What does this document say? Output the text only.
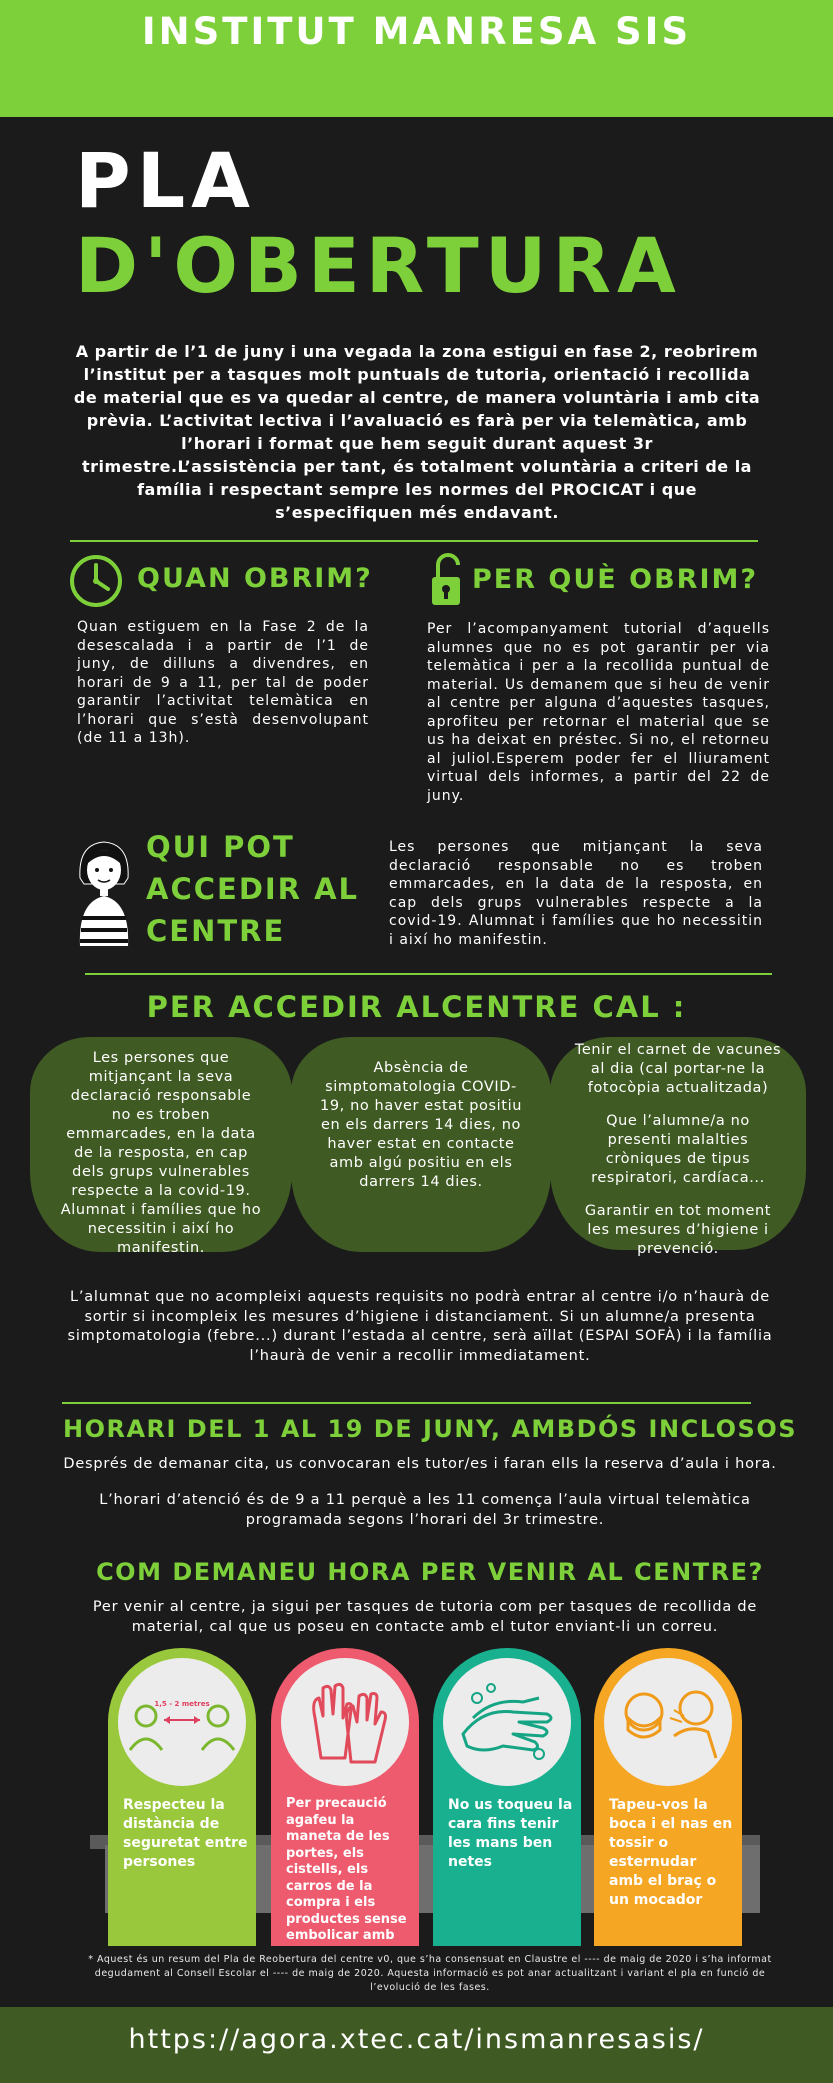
INSTITUT MANRESA SIS
PLA
D'OBERTURA
A partir de l’1 de juny i una vegada la zona estigui en fase 2, reobrirem l’institut per a tasques molt puntuals de tutoria, orientació i recollida de material que es va quedar al centre, de manera voluntària i amb cita prèvia. L’activitat lectiva i l’avaluació es farà per via telemàtica, amb l’horari i format que hem seguit durant aquest 3r trimestre.L’assistència per tant, és totalment voluntària a criteri de la família i respectant sempre les normes del PROCICAT i que s’especifiquen més endavant.
QUAN OBRIM?
Quan estiguem en la Fase 2 de la desescalada i a partir de l’1 de juny, de dilluns a divendres, en horari de 9 a 11, per tal de poder garantir l’activitat telemàtica en l’horari que s’està desenvolupant (de 11 a 13h).
PER QUÈ OBRIM?
Per l’acompanyament tutorial d’aquells alumnes que no es pot garantir per via telemàtica i per a la recollida puntual de material. Us demanem que si heu de venir al centre per alguna d’aquestes tasques, aprofiteu per retornar el material que se us ha deixat en préstec. Si no, el retorneu al juliol.Esperem poder fer el lliurament virtual dels informes, a partir del 22 de juny.
QUI POT
ACCEDIR AL
CENTRE
Les persones que mitjançant la seva declaració responsable no es troben emmarcades, en la data de la resposta, en cap dels grups vulnerables respecte a la covid-19. Alumnat i famílies que ho necessitin i així ho manifestin.
PER ACCEDIR ALCENTRE CAL :
Les persones que mitjançant la seva declaració responsable no es troben emmarcades, en la data de la resposta, en cap dels grups vulnerables respecte a la covid-19. Alumnat i famílies que ho necessitin i així ho manifestin.
Absència de simptomatologia COVID-19, no haver estat positiu en els darrers 14 dies, no haver estat en contacte amb algú positiu en els darrers 14 dies.
Tenir el carnet de vacunes al dia (cal portar-ne la fotocòpia actualitzada)
Que l’alumne/a no presenti malalties cròniques de tipus respiratori, cardíaca...
Garantir en tot moment les mesures d’higiene i prevenció.
L’alumnat que no acompleixi aquests requisits no podrà entrar al centre i/o n’haurà de sortir si incompleix les mesures d’higiene i distanciament. Si un alumne/a presenta simptomatologia (febre...) durant l’estada al centre, serà aïllat (ESPAI SOFÀ) i la família l’haurà de venir a recollir immediatament.
HORARI DEL 1 AL 19 DE JUNY, AMBDÓS INCLOSOS
Després de demanar cita, us convocaran els tutor/es i faran ells la reserva d’aula i hora.
L’horari d’atenció és de 9 a 11 perquè a les 11 comença l’aula virtual telemàtica programada segons l’horari del 3r trimestre.
COM DEMANEU HORA PER VENIR AL CENTRE?
Per venir al centre, ja sigui per tasques de tutoria com per tasques de recollida de material, cal que us poseu en contacte amb el tutor enviant-li un correu.
1,5 - 2 metres
Respecteu la distància de seguretat entre persones
Per precaució agafeu la maneta de les portes, els cistells, els carros de la compra i els productes sense embolicar amb
No us toqueu la cara fins tenir les mans ben netes
Tapeu-vos la boca i el nas en tossir o esternudar amb el braç o un mocador
* Aquest és un resum del Pla de Reobertura del centre v0, que s’ha consensuat en Claustre el ---- de maig de 2020 i s’ha informat degudament al Consell Escolar el ---- de maig de 2020. Aquesta informació es pot anar actualitzant i variant el pla en funció de l’evolució de les fases.
https://agora.xtec.cat/insmanresasis/
